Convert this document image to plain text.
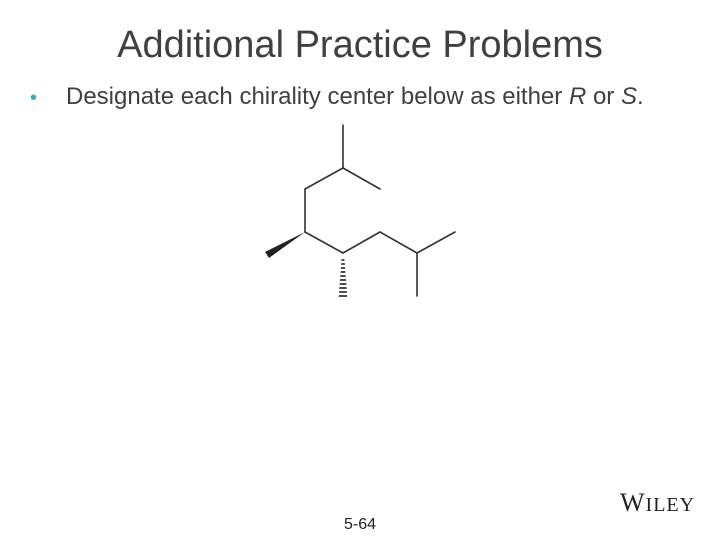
Additional Practice Problems
• Designate each chirality center below as either R or S.
5-64
WILEY
